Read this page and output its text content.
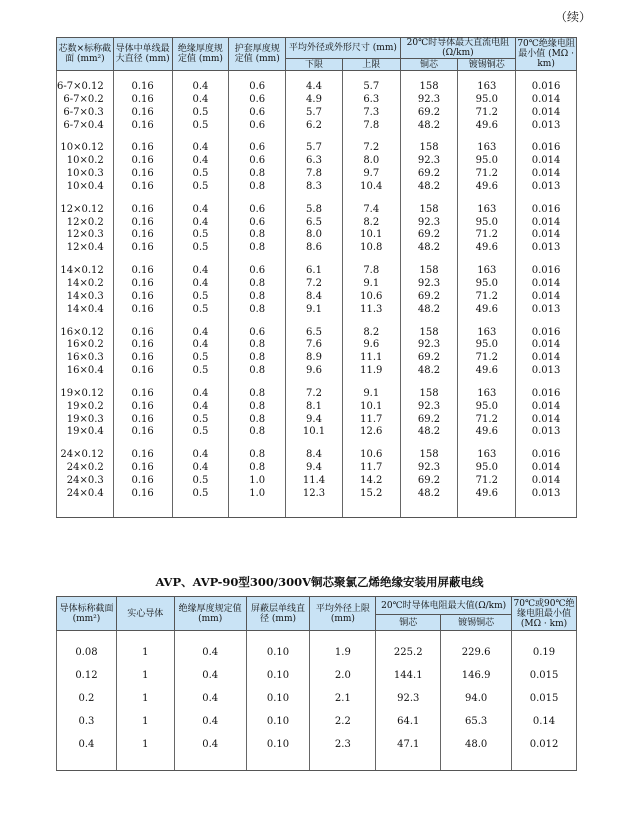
（续）
芯数×标称截面 (mm²)	导体中单线最大直径 (mm)	绝缘厚度规定值 (mm)	护套厚度规定值 (mm)	平均外径或外形尺寸 (mm)		20℃时导体最大直流电阻 (Ω/km)		70℃绝缘电阻最小值 (MΩ · km)
				下限	上限	铜芯	镀锡铜芯	

6-7×0.12	0.16	0.4	0.6	4.4	5.7	158	163	0.016
6-7×0.2	0.16	0.4	0.6	4.9	6.3	92.3	95.0	0.014
6-7×0.3	0.16	0.5	0.6	5.7	7.3	69.2	71.2	0.014
6-7×0.4	0.16	0.5	0.6	6.2	7.8	48.2	49.6	0.013

10×0.12	0.16	0.4	0.6	5.7	7.2	158	163	0.016
10×0.2	0.16	0.4	0.6	6.3	8.0	92.3	95.0	0.014
10×0.3	0.16	0.5	0.8	7.8	9.7	69.2	71.2	0.014
10×0.4	0.16	0.5	0.8	8.3	10.4	48.2	49.6	0.013

12×0.12	0.16	0.4	0.6	5.8	7.4	158	163	0.016
12×0.2	0.16	0.4	0.6	6.5	8.2	92.3	95.0	0.014
12×0.3	0.16	0.5	0.8	8.0	10.1	69.2	71.2	0.014
12×0.4	0.16	0.5	0.8	8.6	10.8	48.2	49.6	0.013

14×0.12	0.16	0.4	0.6	6.1	7.8	158	163	0.016
14×0.2	0.16	0.4	0.8	7.2	9.1	92.3	95.0	0.014
14×0.3	0.16	0.5	0.8	8.4	10.6	69.2	71.2	0.014
14×0.4	0.16	0.5	0.8	9.1	11.3	48.2	49.6	0.013

16×0.12	0.16	0.4	0.6	6.5	8.2	158	163	0.016
16×0.2	0.16	0.4	0.8	7.6	9.6	92.3	95.0	0.014
16×0.3	0.16	0.5	0.8	8.9	11.1	69.2	71.2	0.014
16×0.4	0.16	0.5	0.8	9.6	11.9	48.2	49.6	0.013

19×0.12	0.16	0.4	0.8	7.2	9.1	158	163	0.016
19×0.2	0.16	0.4	0.8	8.1	10.1	92.3	95.0	0.014
19×0.3	0.16	0.5	0.8	9.4	11.7	69.2	71.2	0.014
19×0.4	0.16	0.5	0.8	10.1	12.6	48.2	49.6	0.013

24×0.12	0.16	0.4	0.8	8.4	10.6	158	163	0.016
24×0.2	0.16	0.4	0.8	9.4	11.7	92.3	95.0	0.014
24×0.3	0.16	0.5	1.0	11.4	14.2	69.2	71.2	0.014
24×0.4	0.16	0.5	1.0	12.3	15.2	48.2	49.6	0.013

AVP、AVP-90型300/300V铜芯聚氯乙烯绝缘安装用屏蔽电线
导体标称截面 (mm²)	实心导体	绝缘厚度规定值 (mm)	屏蔽层单线直径 (mm)	平均外径上限 (mm)	20℃时导体电阻最大值(Ω/km)		70℃或90℃绝缘电阻最小值 (MΩ · km)
					铜芯	镀锡铜芯	

0.08	1	0.4	0.10	1.9	225.2	229.6	0.19
0.12	1	0.4	0.10	2.0	144.1	146.9	0.015
0.2	1	0.4	0.10	2.1	92.3	94.0	0.015
0.3	1	0.4	0.10	2.2	64.1	65.3	0.14
0.4	1	0.4	0.10	2.3	47.1	48.0	0.012
